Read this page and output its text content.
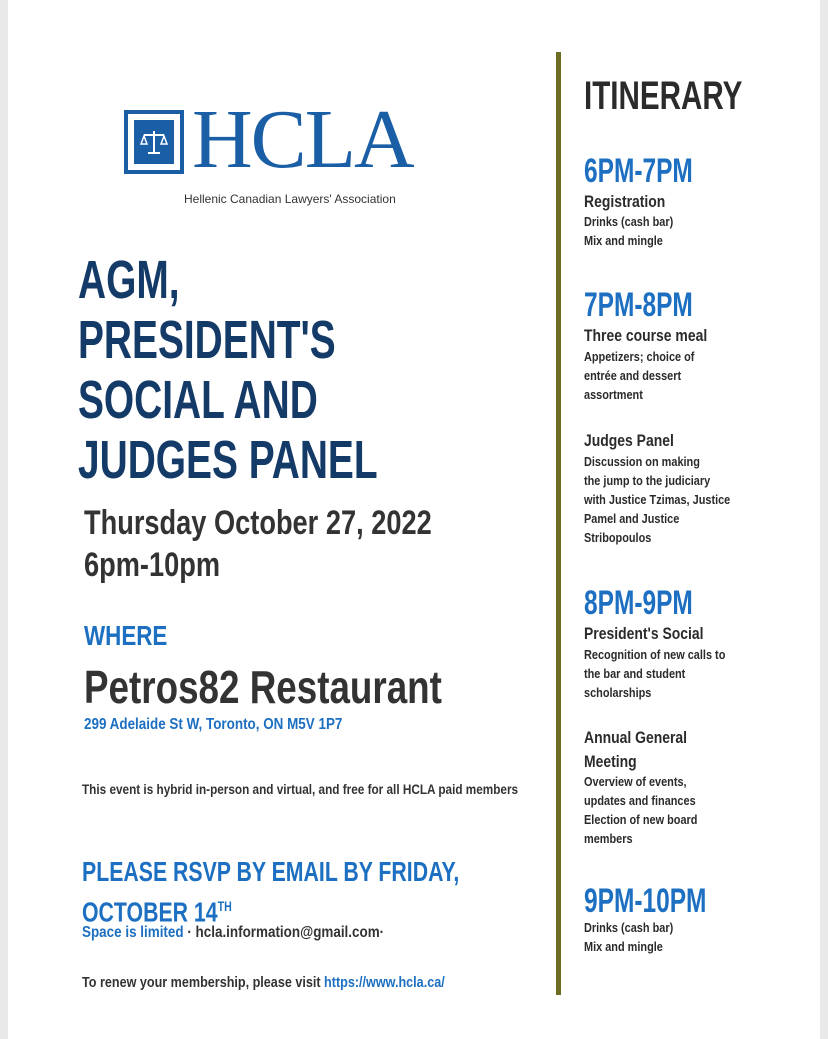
HCLA
Hellenic Canadian Lawyers' Association
AGM,
PRESIDENT'S
SOCIAL AND
JUDGES PANEL
Thursday October 27, 2022
6pm-10pm
WHERE
Petros82 Restaurant
299 Adelaide St W, Toronto, ON M5V 1P7
This event is hybrid in-person and virtual, and free for all HCLA paid members
PLEASE RSVP BY EMAIL BY FRIDAY,
OCTOBER 14TH
Space is limited · hcla.information@gmail.com·
To renew your membership, please visit https://www.hcla.ca/
ITINERARY
6PM-7PM
Registration
Drinks (cash bar)
Mix and mingle
7PM-8PM
Three course meal
Appetizers; choice of
entrée and dessert
assortment
Judges Panel
Discussion on making
the jump to the judiciary
with Justice Tzimas, Justice
Pamel and Justice
Stribopoulos
8PM-9PM
President's Social
Recognition of new calls to
the bar and student
scholarships
Annual General
Meeting
Overview of events,
updates and finances
Election of new board
members
9PM-10PM
Drinks (cash bar)
Mix and mingle
